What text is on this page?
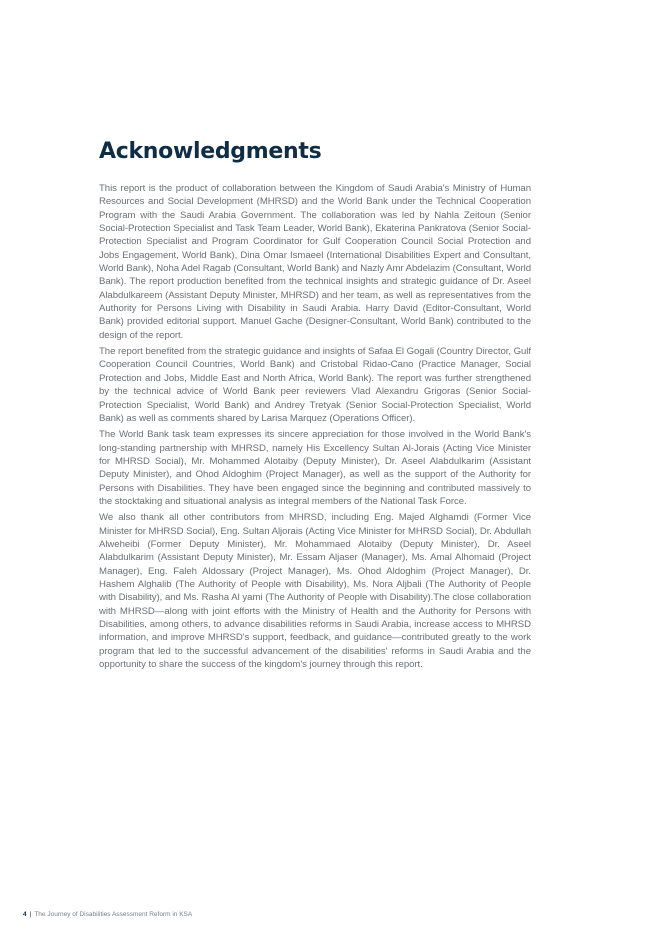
Acknowledgments

This report is the product of collaboration between the Kingdom of Saudi Arabia's Ministry of Human Resources and Social Development (MHRSD) and the World Bank under the Technical Cooperation Program with the Saudi Arabia Government. The collaboration was led by Nahla Zeitoun (Senior Social-Protection Specialist and Task Team Leader, World Bank), Ekaterina Pankratova (Senior Social-Protection Specialist and Program Coordinator for Gulf Cooperation Council Social Protection and Jobs Engagement, World Bank), Dina Omar Ismaeel (International Disabilities Expert and Consultant, World Bank), Noha Adel Ragab (Consultant, World Bank) and Nazly Amr Abdelazim (Consultant, World Bank). The report production benefited from the technical insights and strategic guidance of Dr. Aseel Alabdulkareem (Assistant Deputy Minister, MHRSD) and her team, as well as representatives from the Authority for Persons Living with Disability in Saudi Arabia. Harry David (Editor-Consultant, World Bank) provided editorial support. Manuel Gache (Designer-Consultant, World Bank) contributed to the design of the report.

The report benefited from the strategic guidance and insights of Safaa El Gogali (Country Director, Gulf Cooperation Council Countries, World Bank) and Cristobal Ridao-Cano (Practice Manager, Social Protection and Jobs, Middle East and North Africa, World Bank). The report was further strengthened by the technical advice of World Bank peer reviewers Vlad Alexandru Grigoras (Senior Social-Protection Specialist, World Bank) and Andrey Tretyak (Senior Social-Protection Specialist, World Bank) as well as comments shared by Larisa Marquez (Operations Officer).

The World Bank task team expresses its sincere appreciation for those involved in the World Bank's long-standing partnership with MHRSD, namely His Excellency Sultan Al-Jorais (Acting Vice Minister for MHRSD Social), Mr. Mohammed Alotaiby (Deputy Minister), Dr. Aseel Alabdulkarim (Assistant Deputy Minister), and Ohod Aldoghim (Project Manager), as well as the support of the Authority for Persons with Disabilities. They have been engaged since the beginning and contributed massively to the stocktaking and situational analysis as integral members of the National Task Force.

We also thank all other contributors from MHRSD, including Eng. Majed Alghamdi (Former Vice Minister for MHRSD Social), Eng. Sultan Aljorais (Acting Vice Minister for MHRSD Social), Dr. Abdullah Alweheibi (Former Deputy Minister), Mr. Mohammaed Alotaiby (Deputy Minister), Dr. Aseel Alabdulkarim (Assistant Deputy Minister), Mr. Essam Aljaser (Manager), Ms. Amal Alhomaid (Project Manager), Eng. Faleh Aldossary (Project Manager), Ms. Ohod Aldoghim (Project Manager), Dr. Hashem Alghalib (The Authority of People with Disability), Ms. Nora Aljbali (The Authority of People with Disability), and Ms. Rasha Al yami (The Authority of People with Disability).The close collaboration with MHRSD—along with joint efforts with the Ministry of Health and the Authority for Persons with Disabilities, among others, to advance disabilities reforms in Saudi Arabia, increase access to MHRSD information, and improve MHRSD's support, feedback, and guidance—contributed greatly to the work program that led to the successful advancement of the disabilities' reforms in Saudi Arabia and the opportunity to share the success of the kingdom's journey through this report.

4 | The Journey of Disabilities Assessment Reform in KSA
